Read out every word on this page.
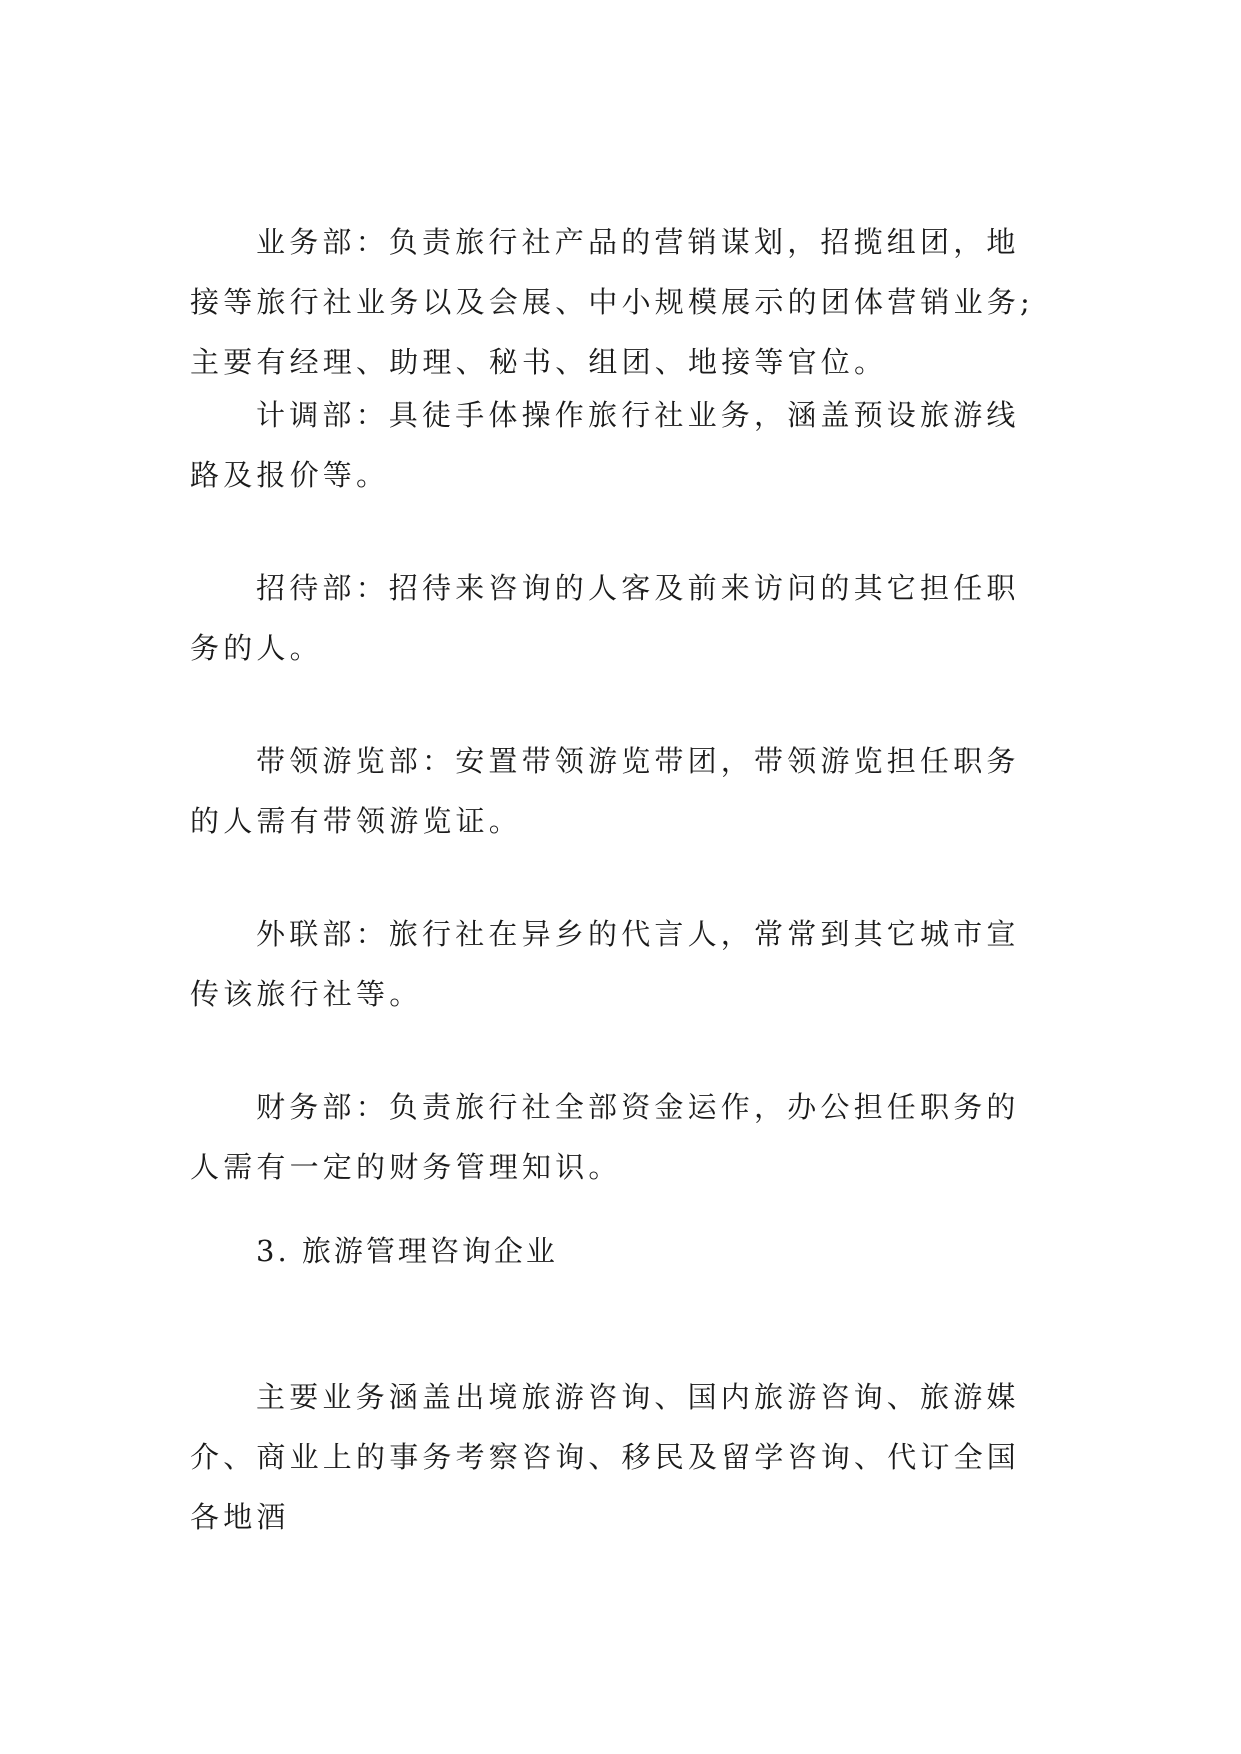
业务部：负责旅行社产品的营销谋划，招揽组团，地接等旅行社业务以及会展、中小规模展示的团体营销业务;主要有经理、助理、秘书、组团、地接等官位。

计调部：具徒手体操作旅行社业务，涵盖预设旅游线路及报价等。

招待部：招待来咨询的人客及前来访问的其它担任职务的人。

带领游览部：安置带领游览带团，带领游览担任职务的人需有带领游览证。

外联部：旅行社在异乡的代言人，常常到其它城市宣传该旅行社等。

财务部：负责旅行社全部资金运作，办公担任职务的人需有一定的财务管理知识。

3. 旅游管理咨询企业

主要业务涵盖出境旅游咨询、国内旅游咨询、旅游媒介、商业上的事务考察咨询、移民及留学咨询、代订全国各地酒
